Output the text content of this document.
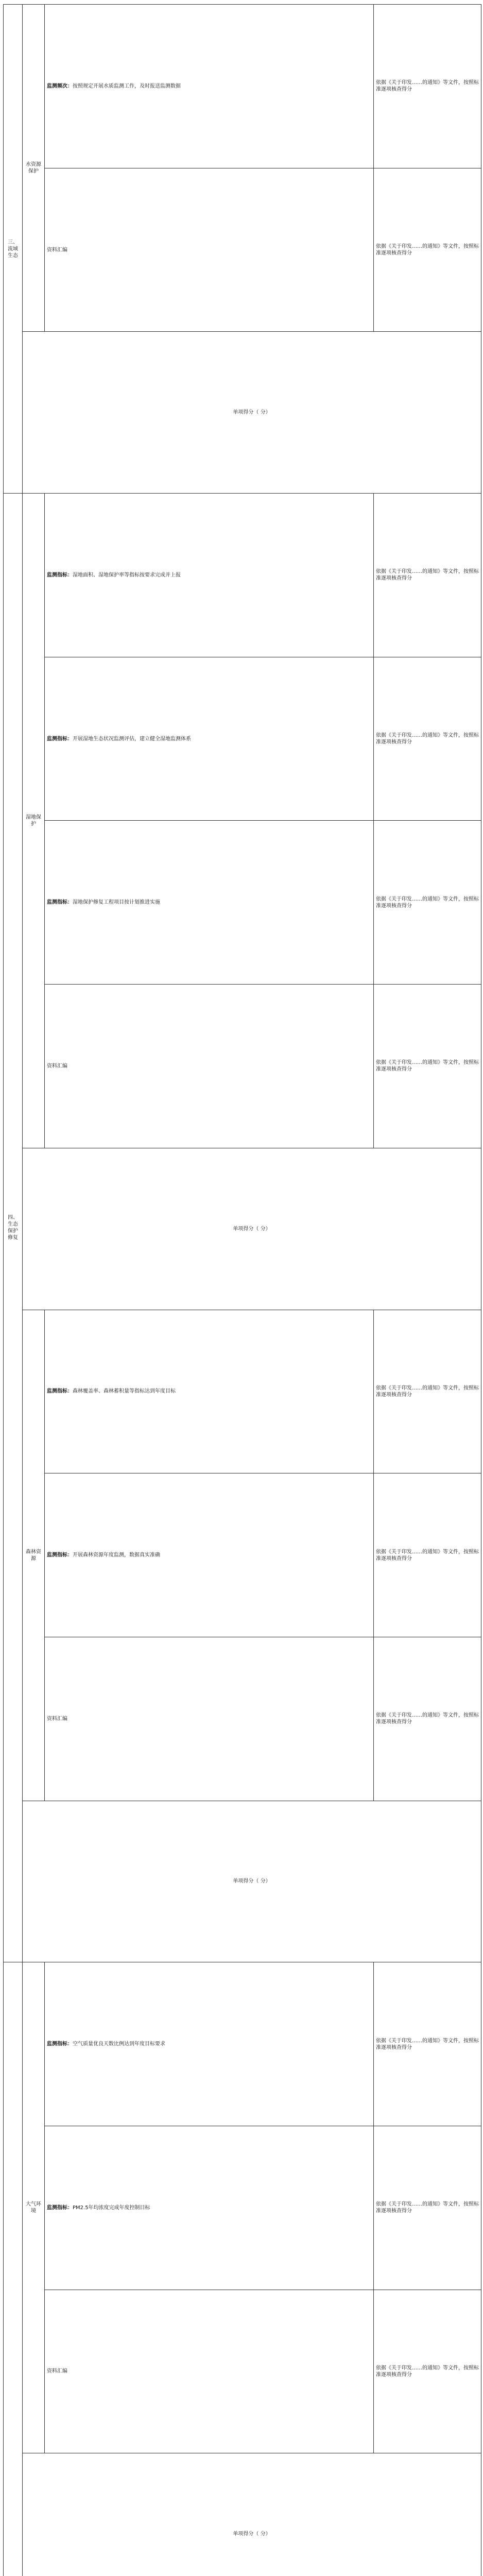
三、流域生态	水资源保护	监测频次：按照规定开展水质监测工作，及时报送监测数据	依据《关于印发……的通知》等文件，按照标准逐项核查得分
		资料汇编	依据《关于印发……的通知》等文件，按照标准逐项核查得分
	单项得分（ 分）		
四、生态保护修复	湿地保护	监测指标：湿地面积、湿地保护率等指标按要求完成并上报	依据《关于印发……的通知》等文件，按照标准逐项核查得分
		监测指标：开展湿地生态状况监测评估，建立健全湿地监测体系	依据《关于印发……的通知》等文件，按照标准逐项核查得分
		监测指标：湿地保护修复工程项目按计划推进实施	依据《关于印发……的通知》等文件，按照标准逐项核查得分
		资料汇编	依据《关于印发……的通知》等文件，按照标准逐项核查得分
	单项得分（ 分）		
	森林资源	监测指标：森林覆盖率、森林蓄积量等指标达到年度目标	依据《关于印发……的通知》等文件，按照标准逐项核查得分
		监测指标：开展森林资源年度监测，数据真实准确	依据《关于印发……的通知》等文件，按照标准逐项核查得分
		资料汇编	依据《关于印发……的通知》等文件，按照标准逐项核查得分
	单项得分（ 分）		
	大气环境	监测指标：空气质量优良天数比例达到年度目标要求	依据《关于印发……的通知》等文件，按照标准逐项核查得分
		监测指标：PM2.5年均浓度完成年度控制目标	依据《关于印发……的通知》等文件，按照标准逐项核查得分
		资料汇编	依据《关于印发……的通知》等文件，按照标准逐项核查得分
	单项得分（ 分）		
